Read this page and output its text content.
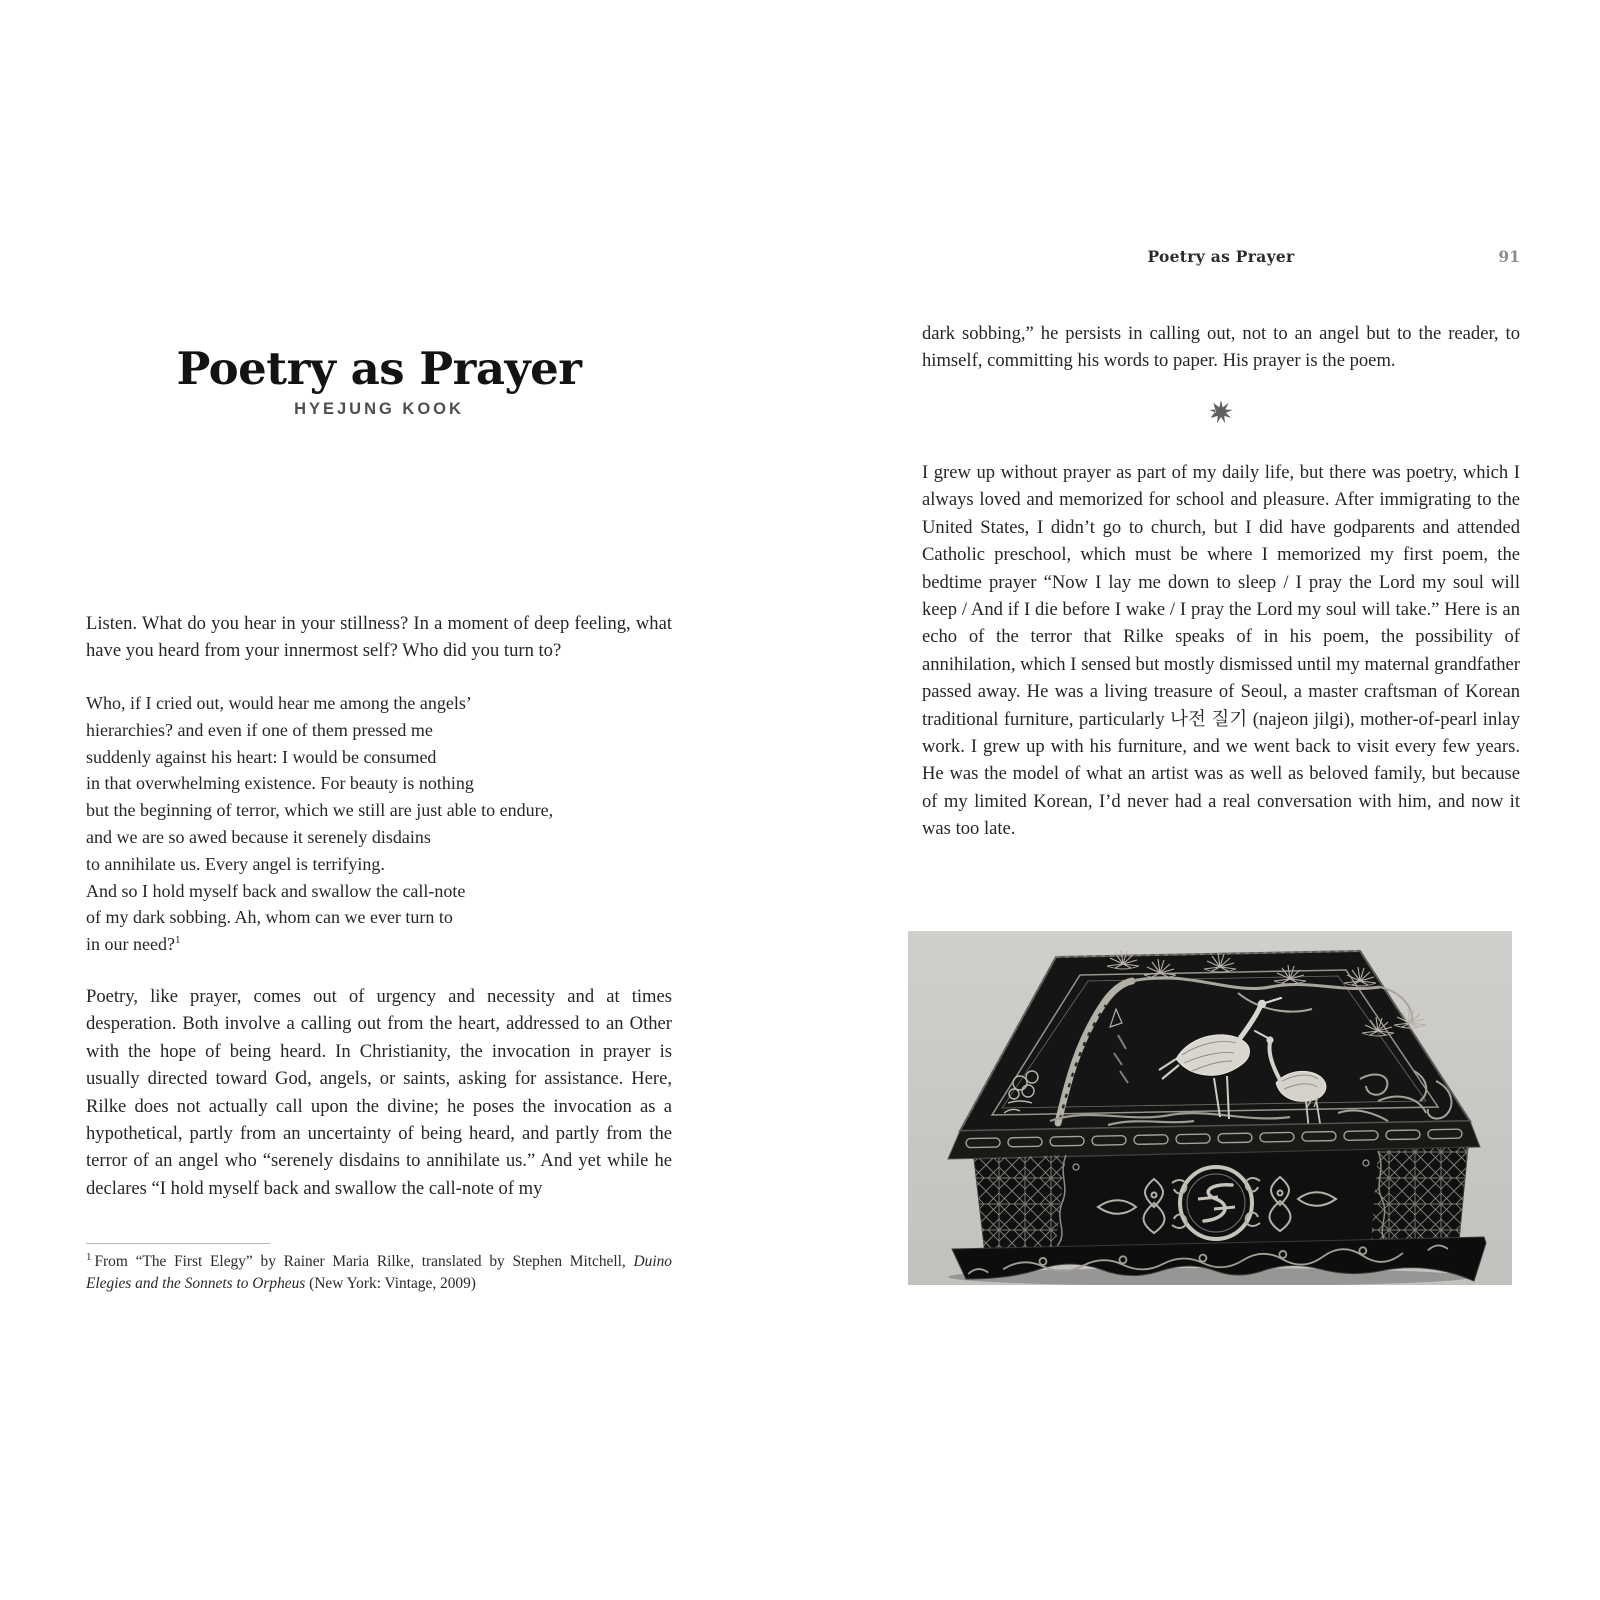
Poetry as Prayer
HYEJUNG KOOK

Listen. What do you hear in your stillness? In a moment of deep feeling, what have you heard from your innermost self? Who did you turn to?

Who, if I cried out, would hear me among the angels’
hierarchies? and even if one of them pressed me
suddenly against his heart: I would be consumed
in that overwhelming existence. For beauty is nothing
but the beginning of terror, which we still are just able to endure,
and we are so awed because it serenely disdains
to annihilate us. Every angel is terrifying.
And so I hold myself back and swallow the call-note
of my dark sobbing. Ah, whom can we ever turn to
in our need?$^1$

Poetry, like prayer, comes out of urgency and necessity and at times desperation. Both involve a calling out from the heart, addressed to an Other with the hope of being heard. In Christianity, the invocation in prayer is usually directed toward God, angels, or saints, asking for assistance. Here, Rilke does not actually call upon the divine; he poses the invocation as a hypothetical, partly from an uncertainty of being heard, and partly from the terror of an angel who “serenely disdains to annihilate us.” And yet while he declares “I hold myself back and swallow the call-note of my

$^1$ From “The First Elegy” by Rainer Maria Rilke, translated by Stephen Mitchell, Duino Elegies and the Sonnets to Orpheus (New York: Vintage, 2009)

Poetry as Prayer	91

dark sobbing,” he persists in calling out, not to an angel but to the reader, to himself, committing his words to paper. His prayer is the poem.

I grew up without prayer as part of my daily life, but there was poetry, which I always loved and memorized for school and pleasure. After immigrating to the United States, I didn’t go to church, but I did have godparents and attended Catholic preschool, which must be where I memorized my first poem, the bedtime prayer “Now I lay me down to sleep / I pray the Lord my soul will keep / And if I die before I wake / I pray the Lord my soul will take.” Here is an echo of the terror that Rilke speaks of in his poem, the possibility of annihilation, which I sensed but mostly dismissed until my maternal grandfather passed away. He was a living treasure of Seoul, a master craftsman of Korean traditional furniture, particularly 나전 질기 (najeon jilgi), mother-of-pearl inlay work. I grew up with his furniture, and we went back to visit every few years. He was the model of what an artist was as well as beloved family, but because of my limited Korean, I’d never had a real conversation with him, and now it was too late.
